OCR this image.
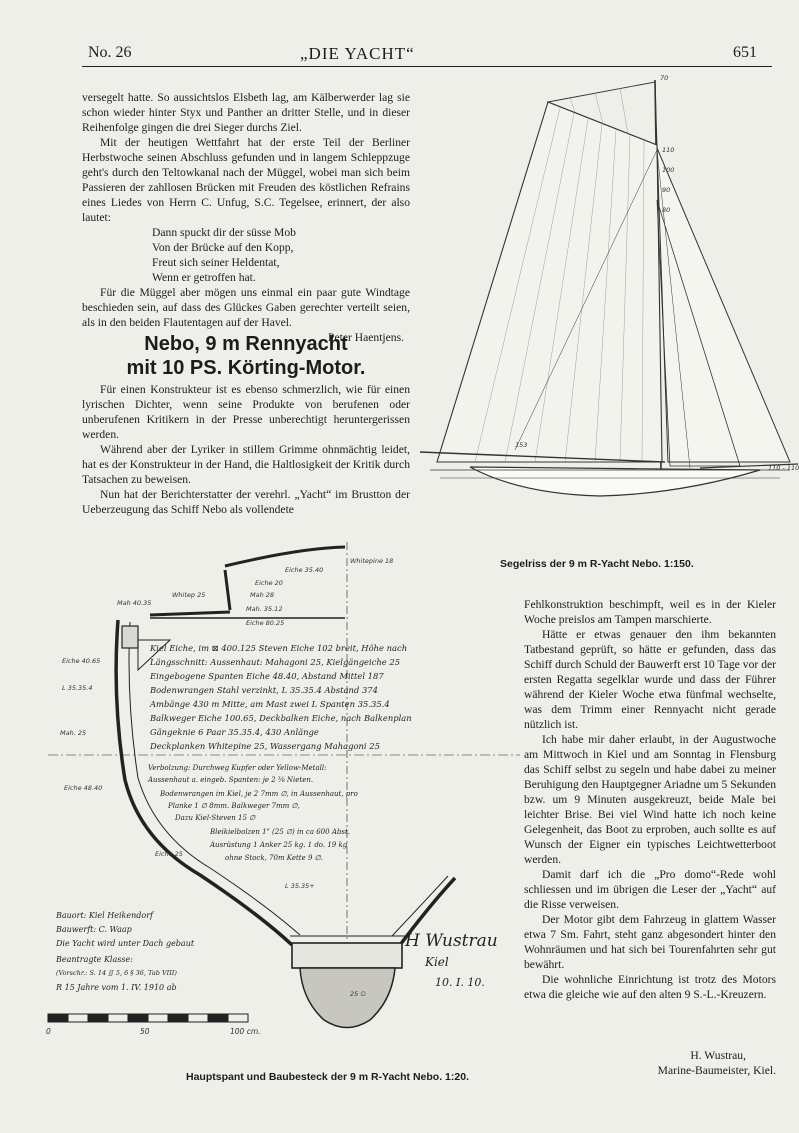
No. 26	„DIE YACHT“	651

versegelt hatte. So aussichtslos Elsbeth lag, am Kälberwerder lag sie schon wieder hinter Styx und Panther an dritter Stelle, und in dieser Reihenfolge gingen die drei Sieger durchs Ziel.

Mit der heutigen Wettfahrt hat der erste Teil der Berliner Herbstwoche seinen Abschluss gefunden und in langem Schleppzuge geht's durch den Teltowkanal nach der Müggel, wobei man sich beim Passieren der zahllosen Brücken mit Freuden des köstlichen Refrains eines Liedes von Herrn C. Unfug, S.C. Tegelsee, erinnert, der also lautet:

Dann spuckt dir der süsse Mob
Von der Brücke auf den Kopp,
Freut sich seiner Heldentat,
Wenn er getroffen hat.

Für die Müggel aber mögen uns einmal ein paar gute Windtage beschieden sein, auf dass des Glückes Gaben gerechter verteilt seien, als in den beiden Flautentagen auf der Havel.

Peter Haentjens.
Nebo, 9 m Rennyacht
mit 10 PS. Körting-Motor.

Für einen Konstrukteur ist es ebenso schmerzlich, wie für einen lyrischen Dichter, wenn seine Produkte von berufenen oder unberufenen Kritikern in der Presse unberechtigt heruntergerissen werden.

Während aber der Lyriker in stillem Grimme ohnmächtig leidet, hat es der Konstrukteur in der Hand, die Haltlosigkeit der Kritik durch Tatsachen zu beweisen.

Nun hat der Berichterstatter der verehrl. „Yacht“ im Brustton der Ueberzeugung das Schiff Nebo als vollendete

Fehlkonstruktion beschimpft, weil es in der Kieler Woche preislos am Tampen marschierte.

Hätte er etwas genauer den ihm bekannten Tatbestand geprüft, so hätte er gefunden, dass das Schiff durch Schuld der Bauwerft erst 10 Tage vor der ersten Regatta segelklar wurde und dass der Führer während der Kieler Woche etwa fünfmal wechselte, was dem Trimm einer Rennyacht nicht gerade nützlich ist.

Ich habe mir daher erlaubt, in der Augustwoche am Mittwoch in Kiel und am Sonntag in Flensburg das Schiff selbst zu segeln und habe dabei zu meiner Beruhigung den Hauptgegner Ariadne um 5 Sekunden bzw. um 9 Minuten ausgekreuzt, beide Male bei leichter Brise. Bei viel Wind hatte ich noch keine Gelegenheit, das Boot zu erproben, auch sollte es auf Wunsch der Eigner ein typisches Leichtwetterboot werden.

Damit darf ich die „Pro domo“-Rede wohl schliessen und im übrigen die Leser der „Yacht“ auf die Risse verweisen.

Der Motor gibt dem Fahrzeug in glattem Wasser etwa 7 Sm. Fahrt, steht ganz abgesondert hinter den Wohnräumen und hat sich bei Tourenfahrten sehr gut bewährt.

Die wohnliche Einrichtung ist trotz des Motors etwa die gleiche wie auf den alten 9 S.-L.-Kreuzern.

H. Wustrau,
Marine-Baumeister, Kiel.
Segelriss der 9 m R-Yacht Nebo. 1:150.
Hauptspant und Baubesteck der 9 m R-Yacht Nebo. 1:20.
70
110
100
90
80
110 - 110
153
0	50	100 cm.
Kiel Eiche, im ⊠ 400.125 Steven Eiche 102 breit, Höhe nach
Längsschnitt: Aussenhaut: Mahagoni 25, Kielgängeiche 25
Eingebogene Spanten Eiche 48.40, Abstand Mittel 187
Bodenwrangen Stahl verzinkt, L 35.35.4 Abstand 374
Ambänge 430 m Mitte, am Mast zwei L Spanten 35.35.4
Balkweger Eiche 100.65, Deckbalken Eiche, nach Balkenplan
Gängeknie 6 Paar 35.35.4, 430 Anlänge
Deckplanken Whitepine 25, Wassergang Mahagoni 25
Verbolzung: Durchweg Kupfer oder Yellow-Metall:
Aussenhaut a. eingeb. Spanten: je 2 ⅜ Nieten.
Bodenwrangen im Kiel, je 2 7mm ∅, in Aussenhaut, pro
Planke 1 ∅ 8mm. Balkweger 7mm ∅,
Dazu Kiel-Steven 15 ∅
Bleikielbolzen 1" (25 ∅) in ca 600 Abst.
Ausrüstung 1 Anker 25 kg. 1 do. 19 kg
ohne Stock, 70m Kette 9 ∅.
Whitepine 18
Eiche 35.40
Eiche 20
Mah 28
Mah. 35.12
Eiche 80.25
Mah 40.35
Whitep 25
Eiche 40.65
L 35.35.4
Mah. 25
Eiche 48.40
Eiche 25
L 35.35+
25 ∅
Bauort: Kiel Heikendorf
Bauwerft: C. Waap
Die Yacht wird unter Dach gebaut
Beantragte Klasse:
(Vorschr.: S. 14 ∬ 5, 6 § 36, Tab VIII)
R 15 Jahre vom 1. IV. 1910 ab
H Wustrau
Kiel
10. I. 10.
